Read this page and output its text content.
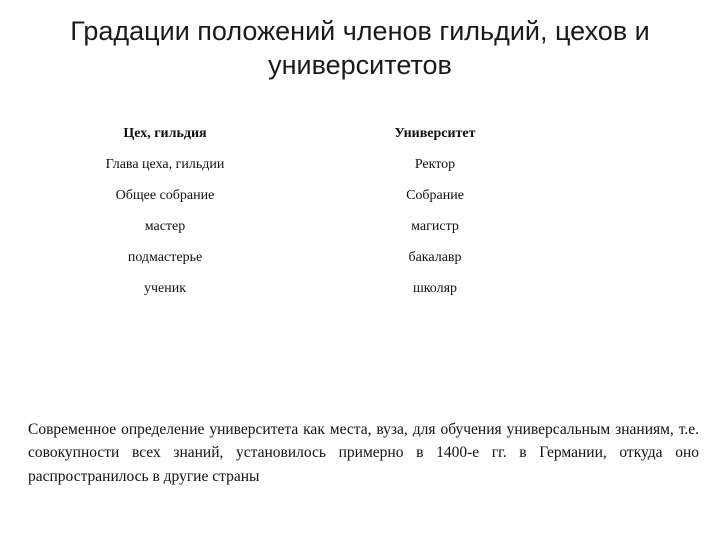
Градации положений членов гильдий, цехов и университетов
Цех, гильдия	Университет
Глава цеха, гильдии	Ректор
Общее собрание	Собрание
мастер	магистр
подмастерье	бакалавр
ученик	школяр

Современное определение университета как места, вуза, для обучения универсальным знаниям, т.е. совокупности всех знаний, установилось примерно в 1400-е гг. в Германии, откуда оно распространилось в другие страны
